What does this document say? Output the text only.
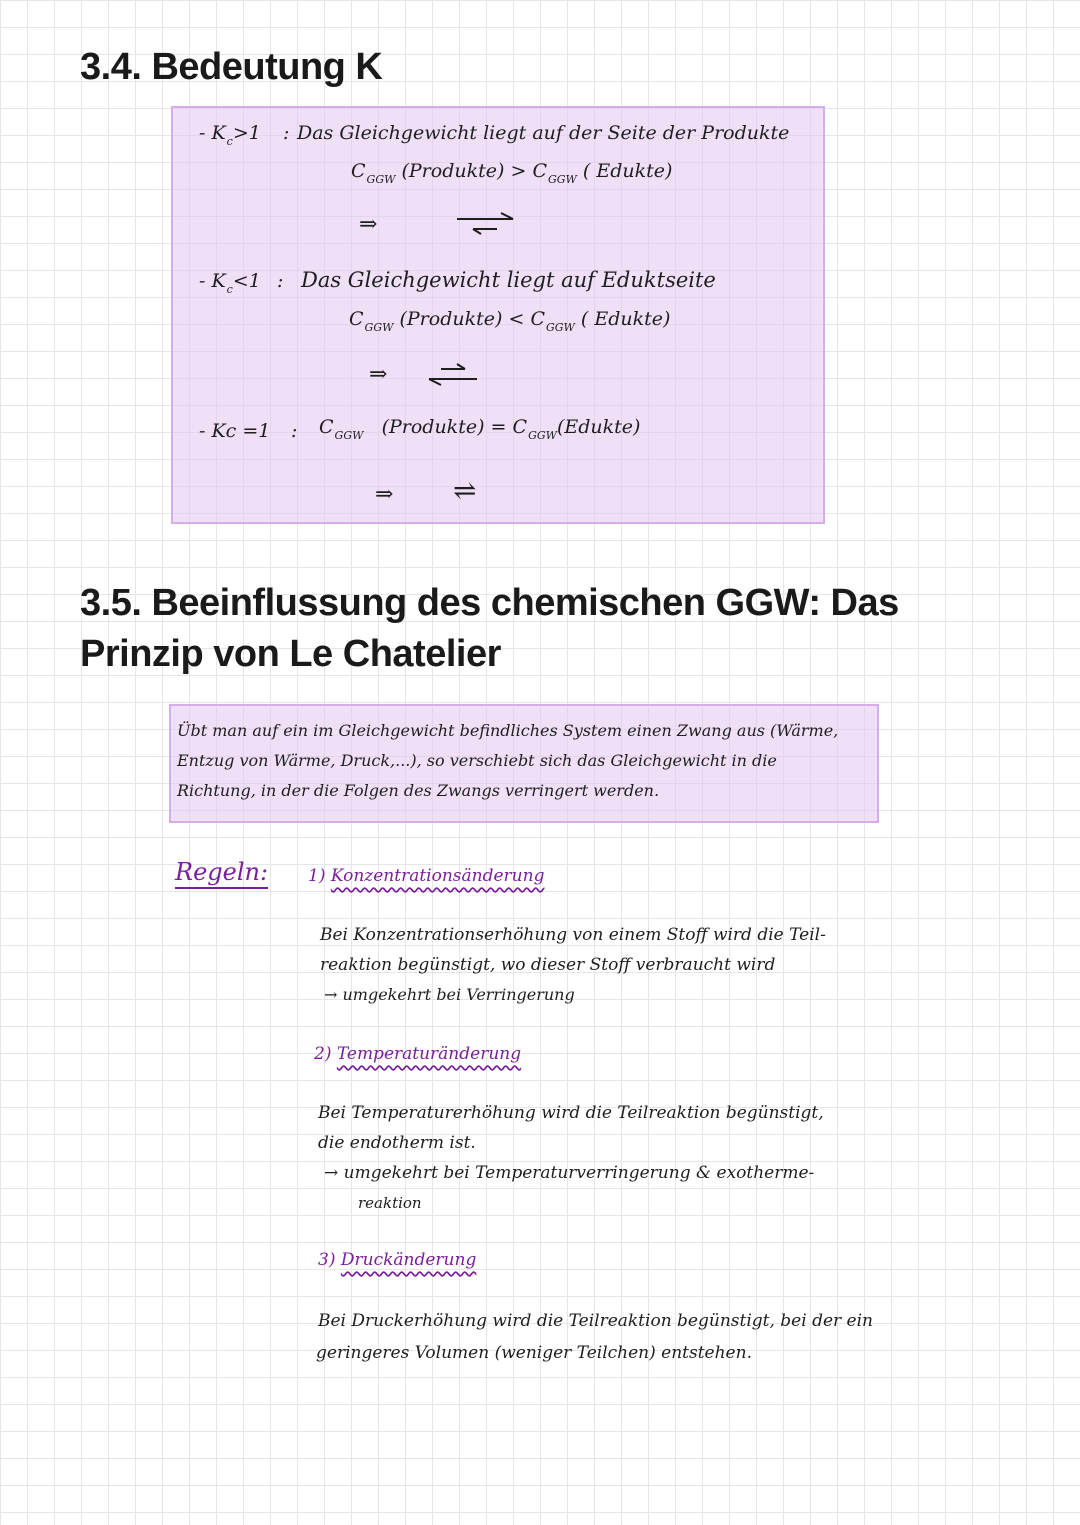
3.4. Bedeutung K
- $K_c>1$ : Das Gleichgewicht liegt auf der Seite der Produkte
$C_{GGW}$ (Produkte) > $C_{GGW}$ ( Edukte)
⇒
- $K_c<1$ : Das Gleichgewicht liegt auf Eduktseite
$C_{GGW}$ (Produkte) < $C_{GGW}$ ( Edukte)
⇒
- Kc =1 : $C_{GGW}$ (Produkte) = $C_{GGW}(Edukte)$
⇒ ⇌
3.5. Beeinflussung des chemischen GGW: Das
Prinzip von Le Chatelier
Übt man auf ein im Gleichgewicht befindliches System einen Zwang aus (Wärme,
Entzug von Wärme, Druck,...), so verschiebt sich das Gleichgewicht in die
Richtung, in der die Folgen des Zwangs verringert werden.
Regeln: 1) Konzentrationsänderung
Bei Konzentrationserhöhung von einem Stoff wird die Teil-
reaktion begünstigt, wo dieser Stoff verbraucht wird
→ umgekehrt bei Verringerung
2) Temperaturänderung
Bei Temperaturerhöhung wird die Teilreaktion begünstigt,
die endotherm ist.
→ umgekehrt bei Temperaturverringerung & exotherme-
reaktion
3) Druckänderung
Bei Druckerhöhung wird die Teilreaktion begünstigt, bei der ein
geringeres Volumen (weniger Teilchen) entstehen.
